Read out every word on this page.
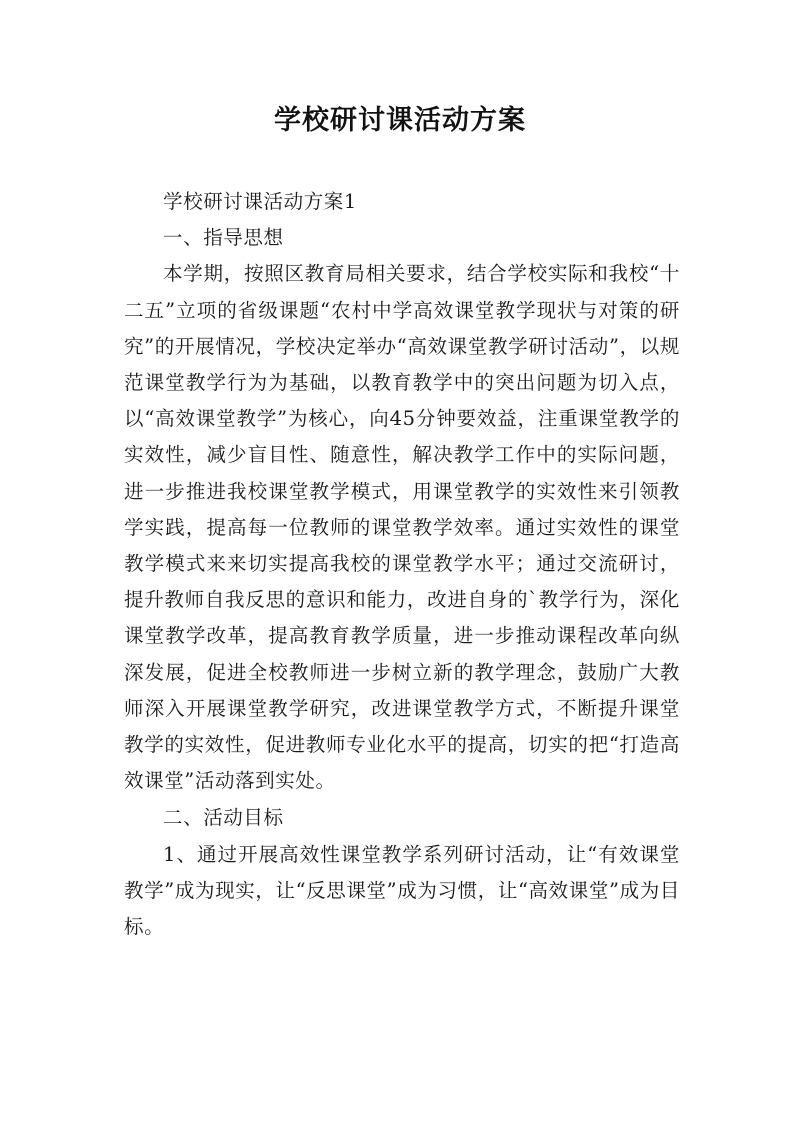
学校研讨课活动方案

学校研讨课活动方案1

一、指导思想

本学期，按照区教育局相关要求，结合学校实际和我校“十二五”立项的省级课题“农村中学高效课堂教学现状与对策的研究”的开展情况，学校决定举办“高效课堂教学研讨活动”，以规范课堂教学行为为基础，以教育教学中的突出问题为切入点，以“高效课堂教学”为核心，向45分钟要效益，注重课堂教学的实效性，减少盲目性、随意性，解决教学工作中的实际问题，进一步推进我校课堂教学模式，用课堂教学的实效性来引领教学实践，提高每一位教师的课堂教学效率。通过实效性的课堂教学模式来来切实提高我校的课堂教学水平；通过交流研讨，提升教师自我反思的意识和能力，改进自身的`教学行为，深化课堂教学改革，提高教育教学质量，进一步推动课程改革向纵深发展，促进全校教师进一步树立新的教学理念，鼓励广大教师深入开展课堂教学研究，改进课堂教学方式，不断提升课堂教学的实效性，促进教师专业化水平的提高，切实的把“打造高效课堂”活动落到实处。

二、活动目标

1、通过开展高效性课堂教学系列研讨活动，让“有效课堂教学”成为现实，让“反思课堂”成为习惯，让“高效课堂”成为目标。
